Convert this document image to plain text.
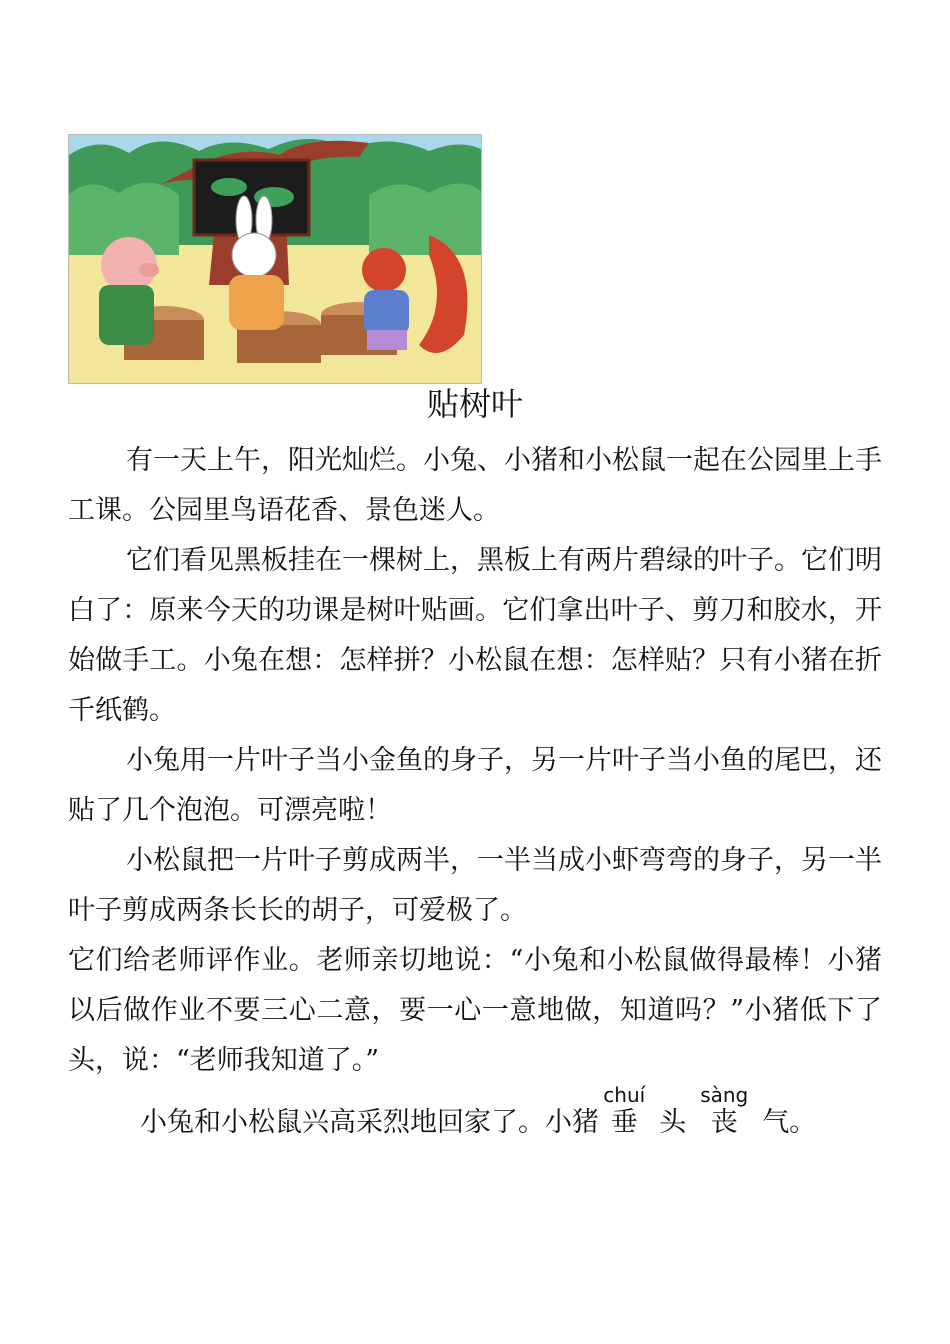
贴树叶

有一天上午，阳光灿烂。小兔、小猪和小松鼠一起在公园里上手工课。公园里鸟语花香、景色迷人。

它们看见黑板挂在一棵树上，黑板上有两片碧绿的叶子。它们明白了：原来今天的功课是树叶贴画。它们拿出叶子、剪刀和胶水，开始做手工。小兔在想：怎样拼？小松鼠在想：怎样贴？只有小猪在折千纸鹤。

小兔用一片叶子当小金鱼的身子，另一片叶子当小鱼的尾巴，还贴了几个泡泡。可漂亮啦！

小松鼠把一片叶子剪成两半，一半当成小虾弯弯的身子，另一半叶子剪成两条长长的胡子，可爱极了。

它们给老师评作业。老师亲切地说：“小兔和小松鼠做得最棒！小猪以后做作业不要三心二意，要一心一意地做，知道吗？”小猪低下了头，说：“老师我知道了。”

小兔和小松鼠兴高采烈地回家了。小猪 垂chuí头 丧sàng气。
